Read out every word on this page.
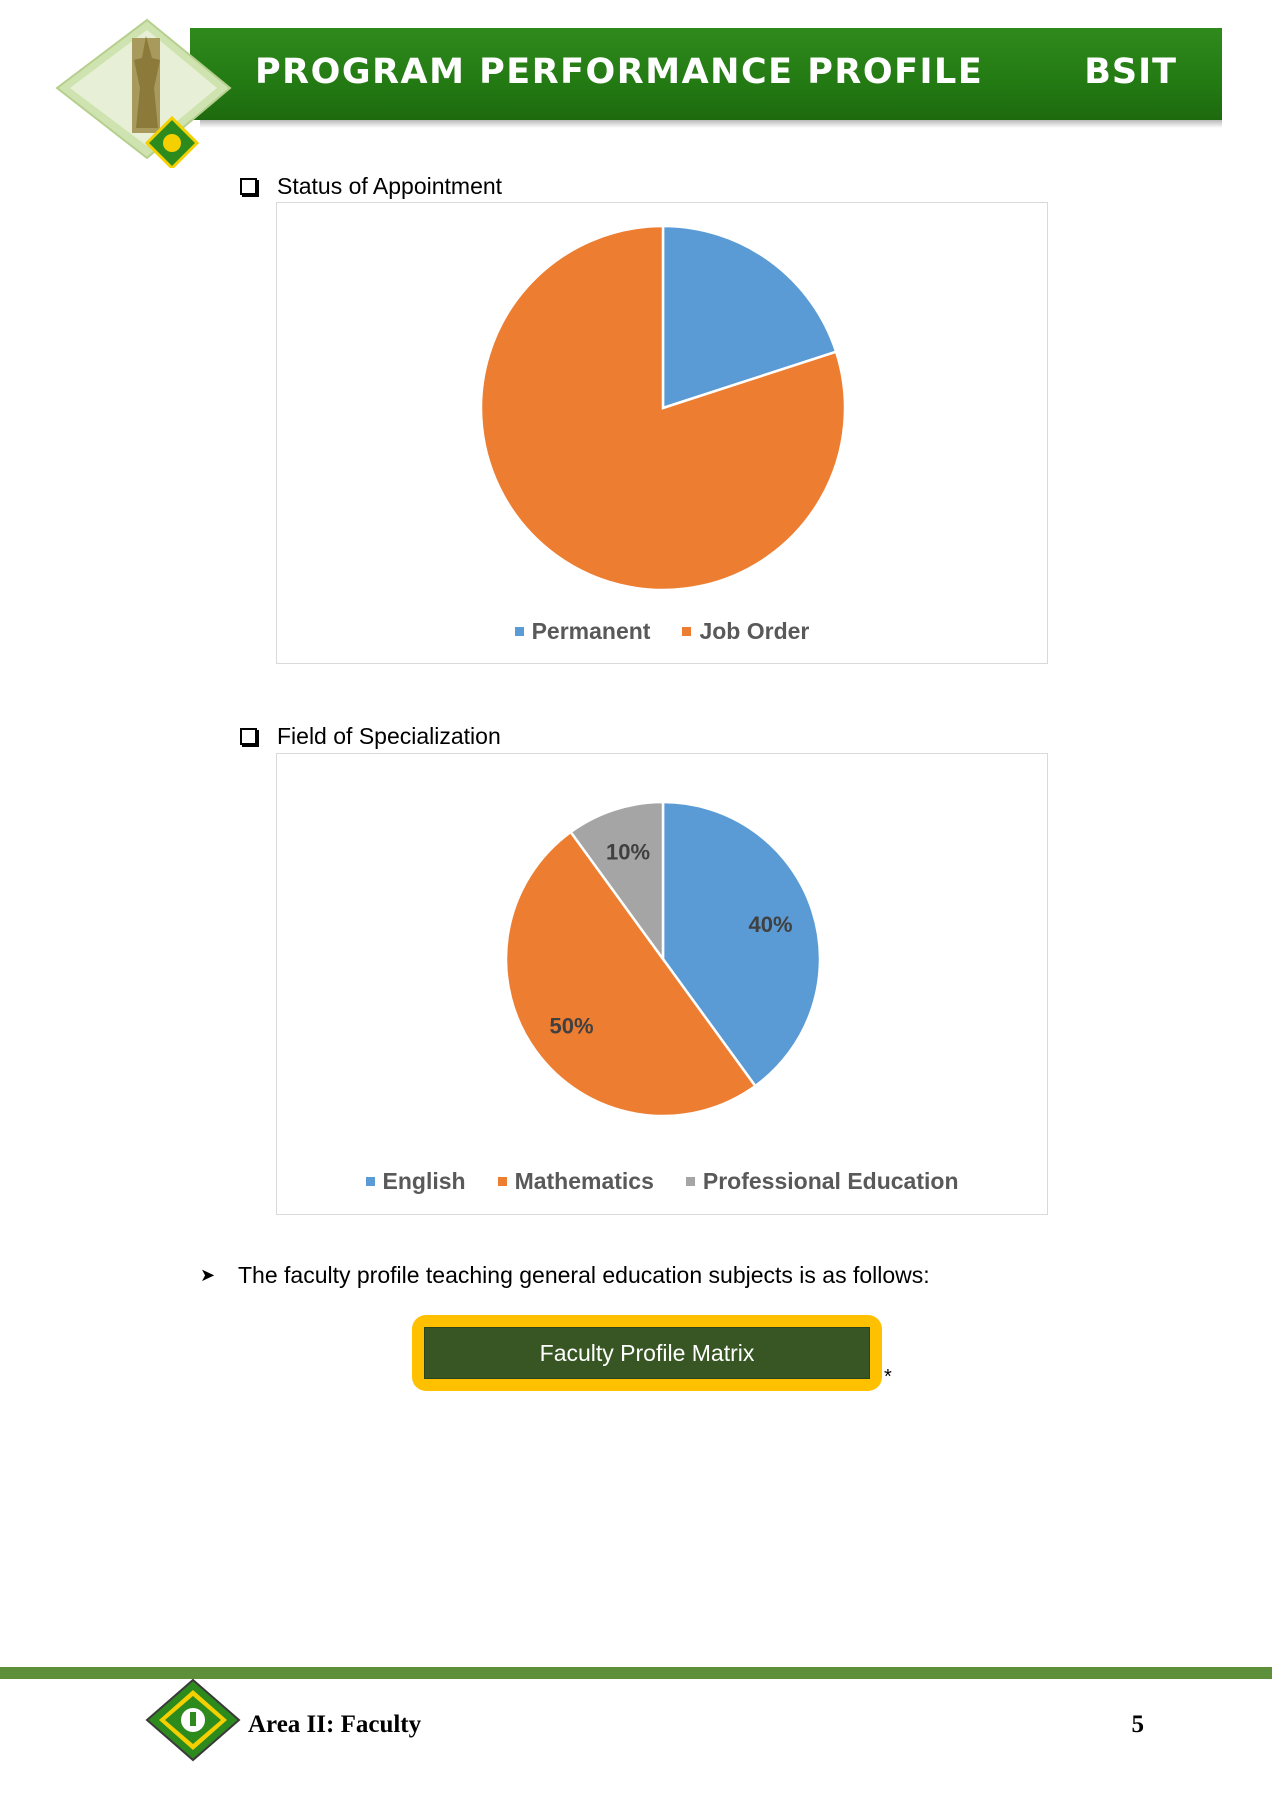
PROGRAM PERFORMANCE PROFILE	BSIT
Status of Appointment
Permanent Job Order
Field of Specialization
40%
50%
10%
English Mathematics Professional Education
➤ The faculty profile teaching general education subjects is as follows:
Faculty Profile Matrix
*
Area II: Faculty	5
